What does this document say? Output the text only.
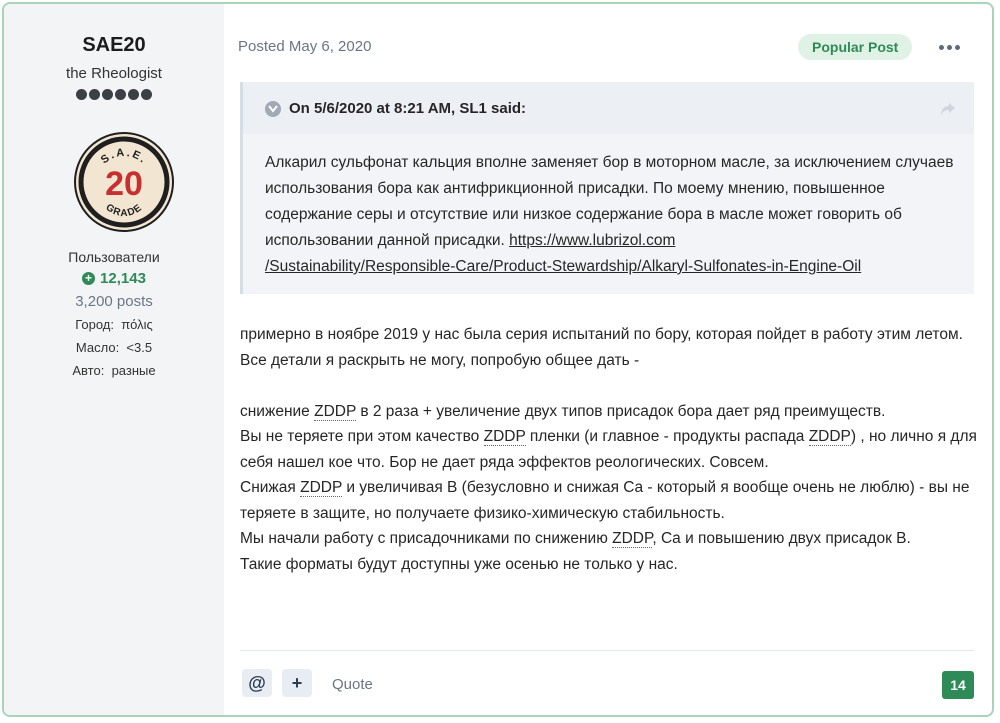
SAE20
the Rheologist
S.A.E.
20
GRADE
Пользователи
+ 12,143
3,200 posts
Город: πόλις
Масло: <3.5
Авто: разные
Posted May 6, 2020	Popular Post
On 5/6/2020 at 8:21 AM, SL1 said:
Алкарил сульфонат кальция вполне заменяет бор в моторном масле, за исключением случаев использования бора как антифрикционной присадки. По моему мнению, повышенное содержание серы и отсутствие или низкое содержание бора в масле может говорить об использовании данной присадки. https://www.lubrizol.com
/Sustainability/Responsible-Care/Product-Stewardship/Alkaryl-Sulfonates-in-Engine-Oil

примерно в ноябре 2019 у нас была серия испытаний по бору, которая пойдет в работу этим летом.

Все детали я раскрыть не могу, попробую общее дать -

снижение ZDDP в 2 раза + увеличение двух типов присадок бора дает ряд преимуществ.

Вы не теряете при этом качество ZDDP пленки (и главное - продукты распада ZDDP) , но лично я для себя нашел кое что. Бор не дает ряда эффектов реологических. Совсем.

Снижая ZDDP и увеличивая B (безусловно и снижая Ca - который я вообще очень не люблю) - вы не теряете в защите, но получаете физико-химическую стабильность.

Мы начали работу с присадочниками по снижению ZDDP, Ca и повышению двух присадок B.

Такие форматы будут доступны уже осенью не только у нас.

@	+	Quote	14
